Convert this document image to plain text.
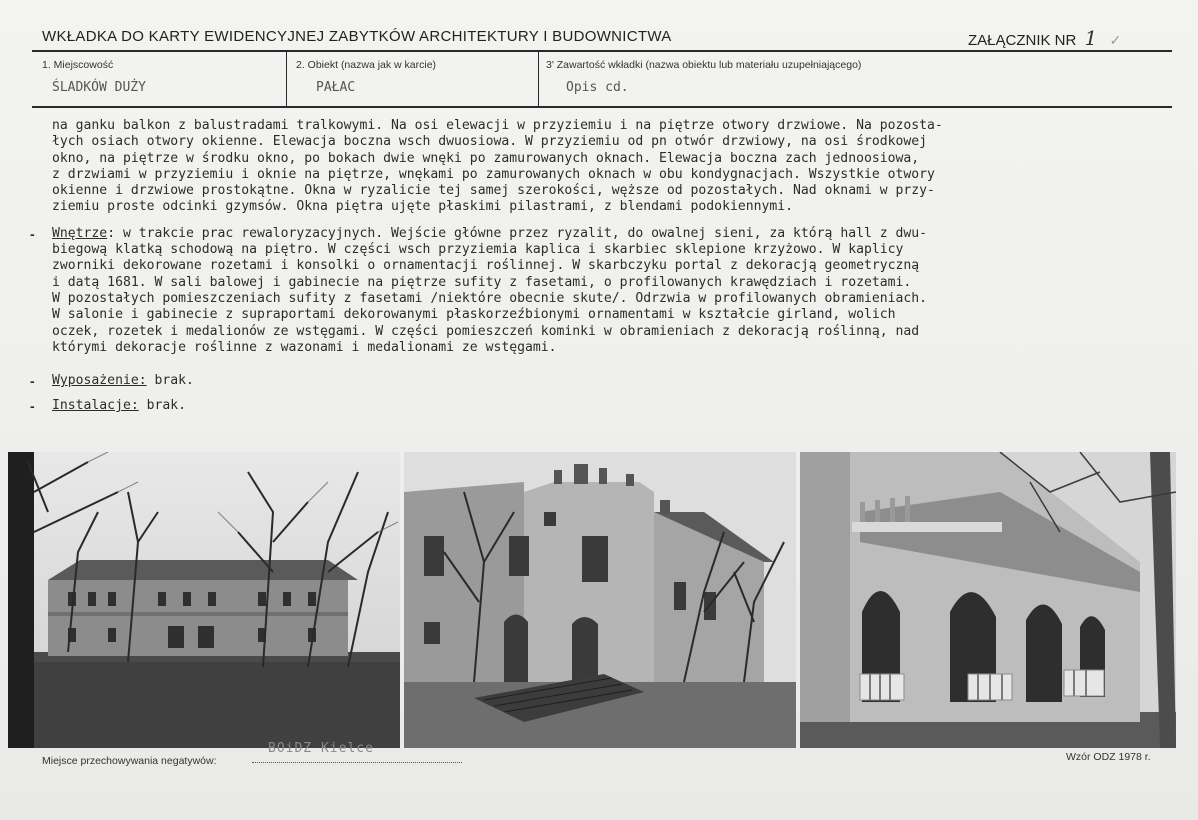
WKŁADKA DO KARTY EWIDENCYJNEJ ZABYTKÓW ARCHITEKTURY I BUDOWNICTWA	ZAŁĄCZNIK NR 1 ✓
1. Miejscowość
ŚLADKÓW DUŻY
2. Obiekt (nazwa jak w karcie)
PAŁAC
3' Zawartość wkładki (nazwa obiektu lub materiału uzupełniającego)
Opis cd.

na ganku balkon z balustradami tralkowymi. Na osi elewacji w przyziemiu i na piętrze otwory drzwiowe. Na pozosta-

łych osiach otwory okienne. Elewacja boczna wsch dwuosiowa. W przyziemiu od pn otwór drzwiowy, na osi środkowej

okno, na piętrze w środku okno, po bokach dwie wnęki po zamurowanych oknach. Elewacja boczna zach jednoosiowa,

z drzwiami w przyziemiu i oknie na piętrze, wnękami po zamurowanych oknach w obu kondygnacjach. Wszystkie otwory

okienne i drzwiowe prostokątne. Okna w ryzalicie tej samej szerokości, węższe od pozostałych. Nad oknami w przy-

ziemiu proste odcinki gzymsów. Okna piętra ujęte płaskimi pilastrami, z blendami podokiennymi.

- Wnętrze: w trakcie prac rewaloryzacyjnych. Wejście główne przez ryzalit, do owalnej sieni, za którą hall z dwu-

biegową klatką schodową na piętro. W części wsch przyziemia kaplica i skarbiec sklepione krzyżowo. W kaplicy

zworniki dekorowane rozetami i konsolki o ornamentacji roślinnej. W skarbczyku portal z dekoracją geometryczną

i datą 1681. W sali balowej i gabinecie na piętrze sufity z fasetami, o profilowanych krawędziach i rozetami.

W pozostałych pomieszczeniach sufity z fasetami /niektóre obecnie skute/. Odrzwia w profilowanych obramieniach.

W salonie i gabinecie z supraportami dekorowanymi płaskorzeźbionymi ornamentami w kształcie girland, wolich

oczek, rozetek i medalionów ze wstęgami. W części pomieszczeń kominki w obramieniach z dekoracją roślinną, nad

którymi dekoracje roślinne z wazonami i medalionami ze wstęgami.

- Wyposażenie: brak.
- Instalacje: brak.
BOiDZ Kielce
Miejsce przechowywania negatywów:	Wzór ODZ 1978 r.
